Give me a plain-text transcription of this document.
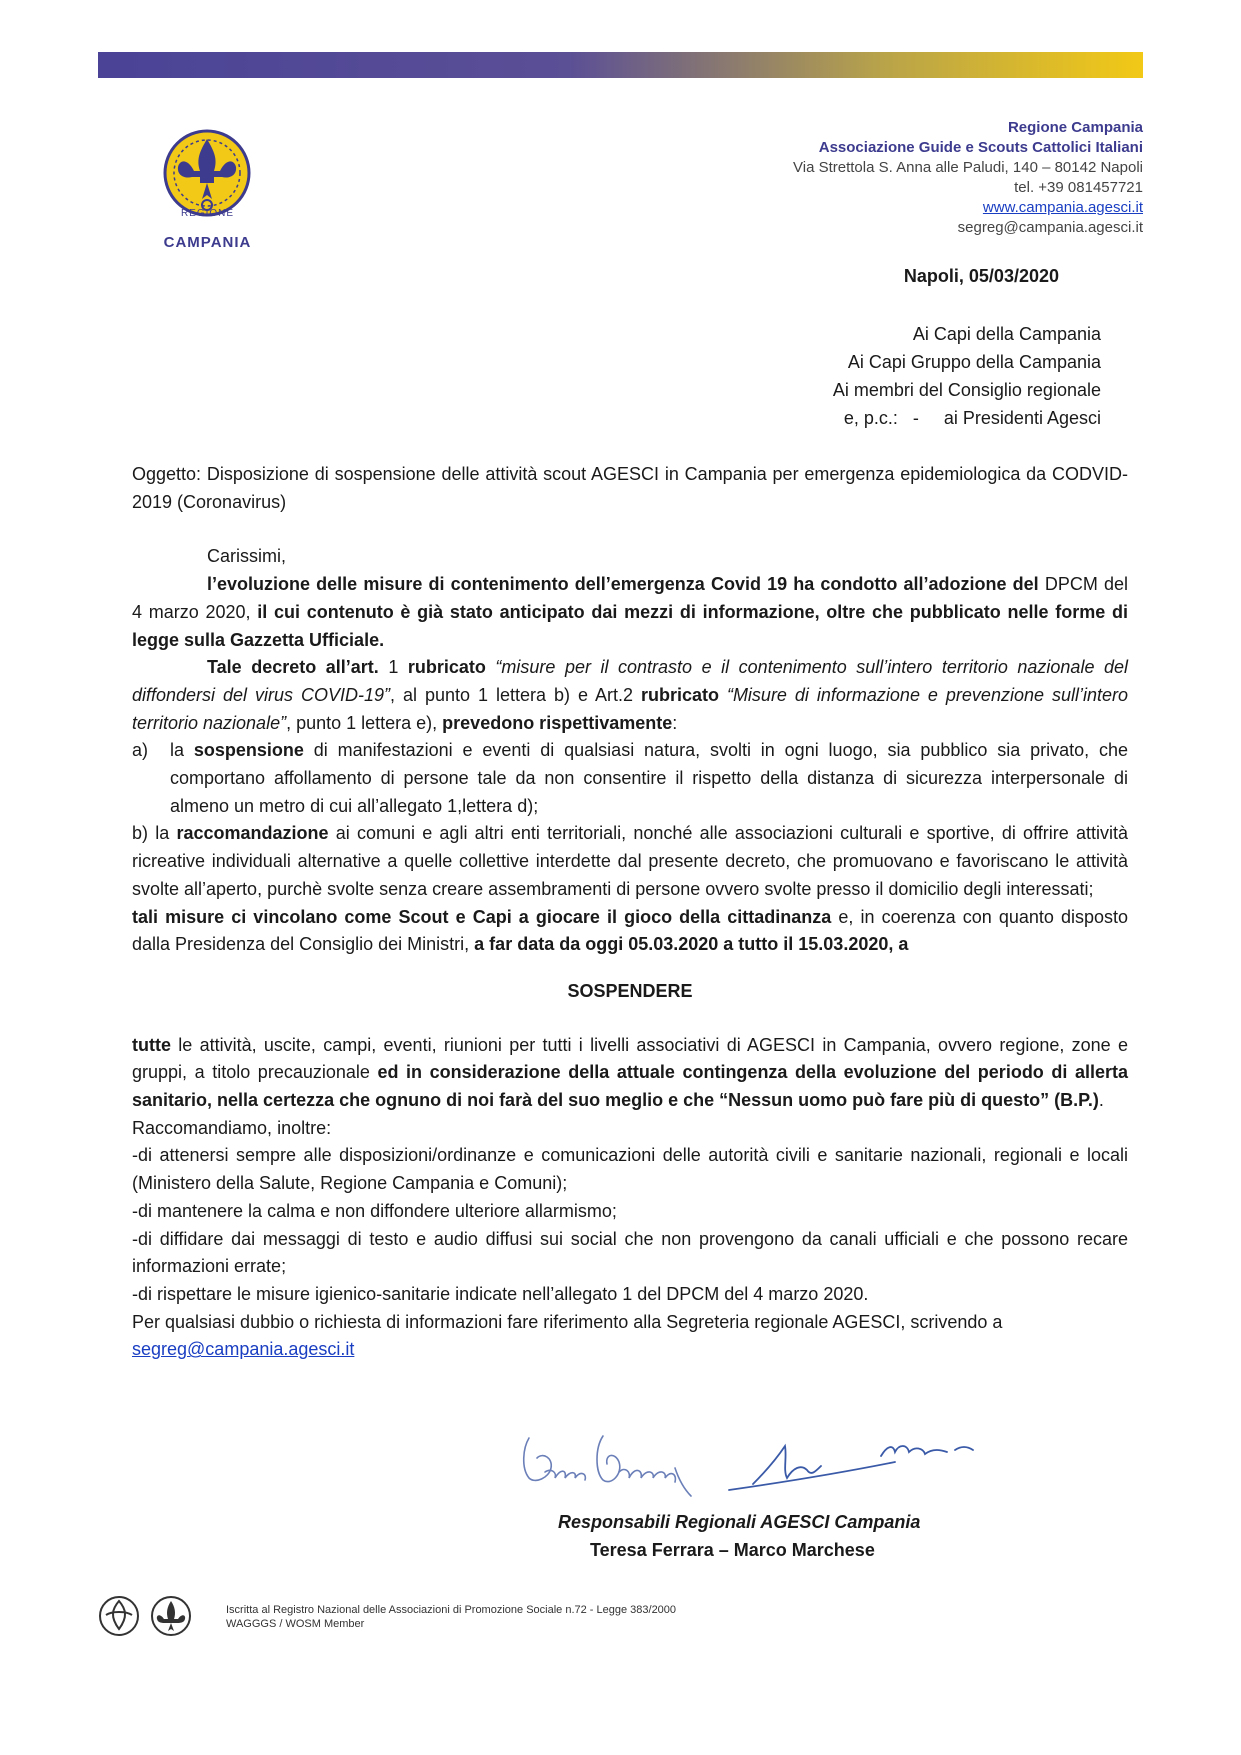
REGIONE
CAMPANIA
Regione Campania
Associazione Guide e Scouts Cattolici Italiani
Via Strettola S. Anna alle Paludi, 140 – 80142 Napoli
tel. +39 081457721
www.campania.agesci.it
segreg@campania.agesci.it
Napoli, 05/03/2020
Ai Capi della Campania
Ai Capi Gruppo della Campania
Ai membri del Consiglio regionale
e, p.c.:   -     ai Presidenti Agesci

Oggetto: Disposizione di sospensione delle attività scout AGESCI in Campania per emergenza epidemiologica da CODVID-2019 (Coronavirus)

Carissimi,

l’evoluzione delle misure di contenimento dell’emergenza Covid 19 ha condotto all’adozione del DPCM del 4 marzo 2020, il cui contenuto è già stato anticipato dai mezzi di informazione, oltre che pubblicato nelle forme di legge sulla Gazzetta Ufficiale.

Tale decreto all’art. 1 rubricato “misure per il contrasto e il contenimento sull’intero territorio nazionale del diffondersi del virus COVID-19”, al punto 1 lettera b) e Art.2 rubricato “Misure di informazione e prevenzione sull’intero territorio nazionale”, punto 1 lettera e), prevedono rispettivamente:

a)	la sospensione di manifestazioni e eventi di qualsiasi natura, svolti in ogni luogo, sia pubblico sia privato, che comportano affollamento di persone tale da non consentire il rispetto della distanza di sicurezza interpersonale di almeno un metro di cui all’allegato 1,lettera d);

b) la raccomandazione ai comuni e agli altri enti territoriali, nonché alle associazioni culturali e sportive, di offrire attività ricreative individuali alternative a quelle collettive interdette dal presente decreto, che promuovano e favoriscano le attività svolte all’aperto, purchè svolte senza creare assembramenti di persone ovvero svolte presso il domicilio degli interessati;

tali misure ci vincolano come Scout e Capi a giocare il gioco della cittadinanza e, in coerenza con quanto disposto dalla Presidenza del Consiglio dei Ministri, a far data da oggi 05.03.2020 a tutto il 15.03.2020, a

SOSPENDERE

tutte le attività, uscite, campi, eventi, riunioni per tutti i livelli associativi di AGESCI in Campania, ovvero regione, zone e gruppi, a titolo precauzionale ed in considerazione della attuale contingenza della evoluzione del periodo di allerta sanitario, nella certezza che ognuno di noi farà del suo meglio e che “Nessun uomo può fare più di questo” (B.P.).

Raccomandiamo, inoltre:

-di attenersi sempre alle disposizioni/ordinanze e comunicazioni delle autorità civili e sanitarie nazionali, regionali e locali (Ministero della Salute, Regione Campania e Comuni);

-di mantenere la calma e non diffondere ulteriore allarmismo;

-di diffidare dai messaggi di testo e audio diffusi sui social che non provengono da canali ufficiali e che possono recare informazioni errate;

-di rispettare le misure igienico-sanitarie indicate nell’allegato 1 del DPCM del 4 marzo 2020.

Per qualsiasi dubbio o richiesta di informazioni fare riferimento alla Segreteria regionale AGESCI, scrivendo a

segreg@campania.agesci.it

Responsabili Regionali AGESCI Campania
Teresa Ferrara – Marco Marchese
Iscritta al Registro Nazional delle Associazioni di Promozione Sociale n.72 - Legge 383/2000
WAGGGS / WOSM Member
